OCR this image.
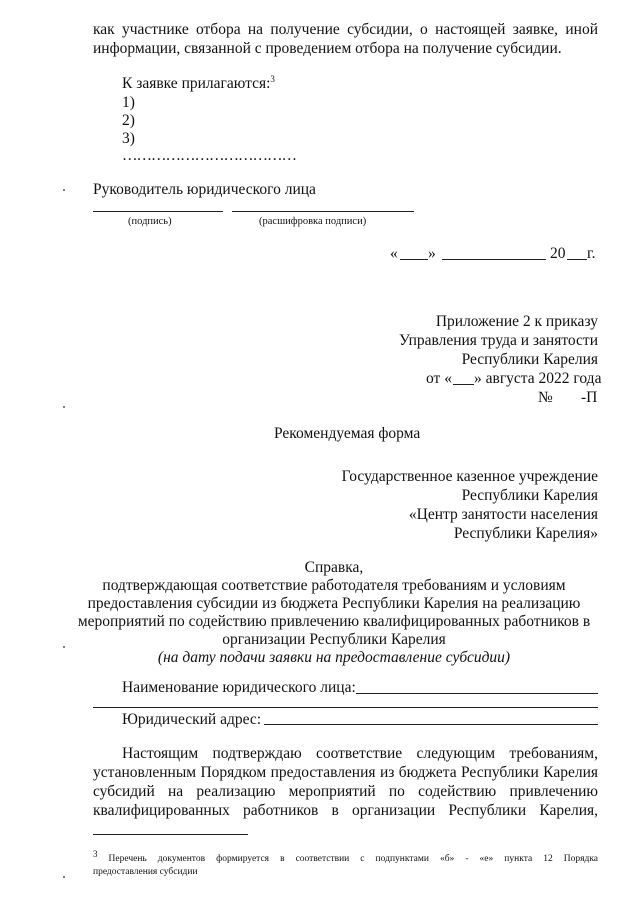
как участнике отбора на получение субсидии, о настоящей заявке, иной
информации, связанной с проведением отбора на получение субсидии.
К заявке прилагаются:$^3$
1)
2)
3)
………………………………
Руководитель юридического лица
(подпись)	(расшифровка подписи)
« »	20 г.
Приложение 2 к приказу
Управления труда и занятости
Республики Карелия
от « » августа 2022 года
№ -П
Рекомендуемая форма
Государственное казенное учреждение
Республики Карелия
«Центр занятости населения
Республики Карелия»
Справка,
подтверждающая соответствие работодателя требованиям и условиям
предоставления субсидии из бюджета Республики Карелия на реализацию
мероприятий по содействию привлечению квалифицированных работников в
организации Республики Карелия
(на дату подачи заявки на предоставление субсидии)
Наименование юридического лица:
Юридический адрес:
Настоящим подтверждаю соответствие следующим требованиям,
установленным Порядком предоставления из бюджета Республики Карелия
субсидий на реализацию мероприятий по содействию привлечению
квалифицированных работников в организации Республики Карелия,
$^3$ Перечень документов формируется в соответствии с подпунктами «б» - «е» пункта 12 Порядка
предоставления субсидии
